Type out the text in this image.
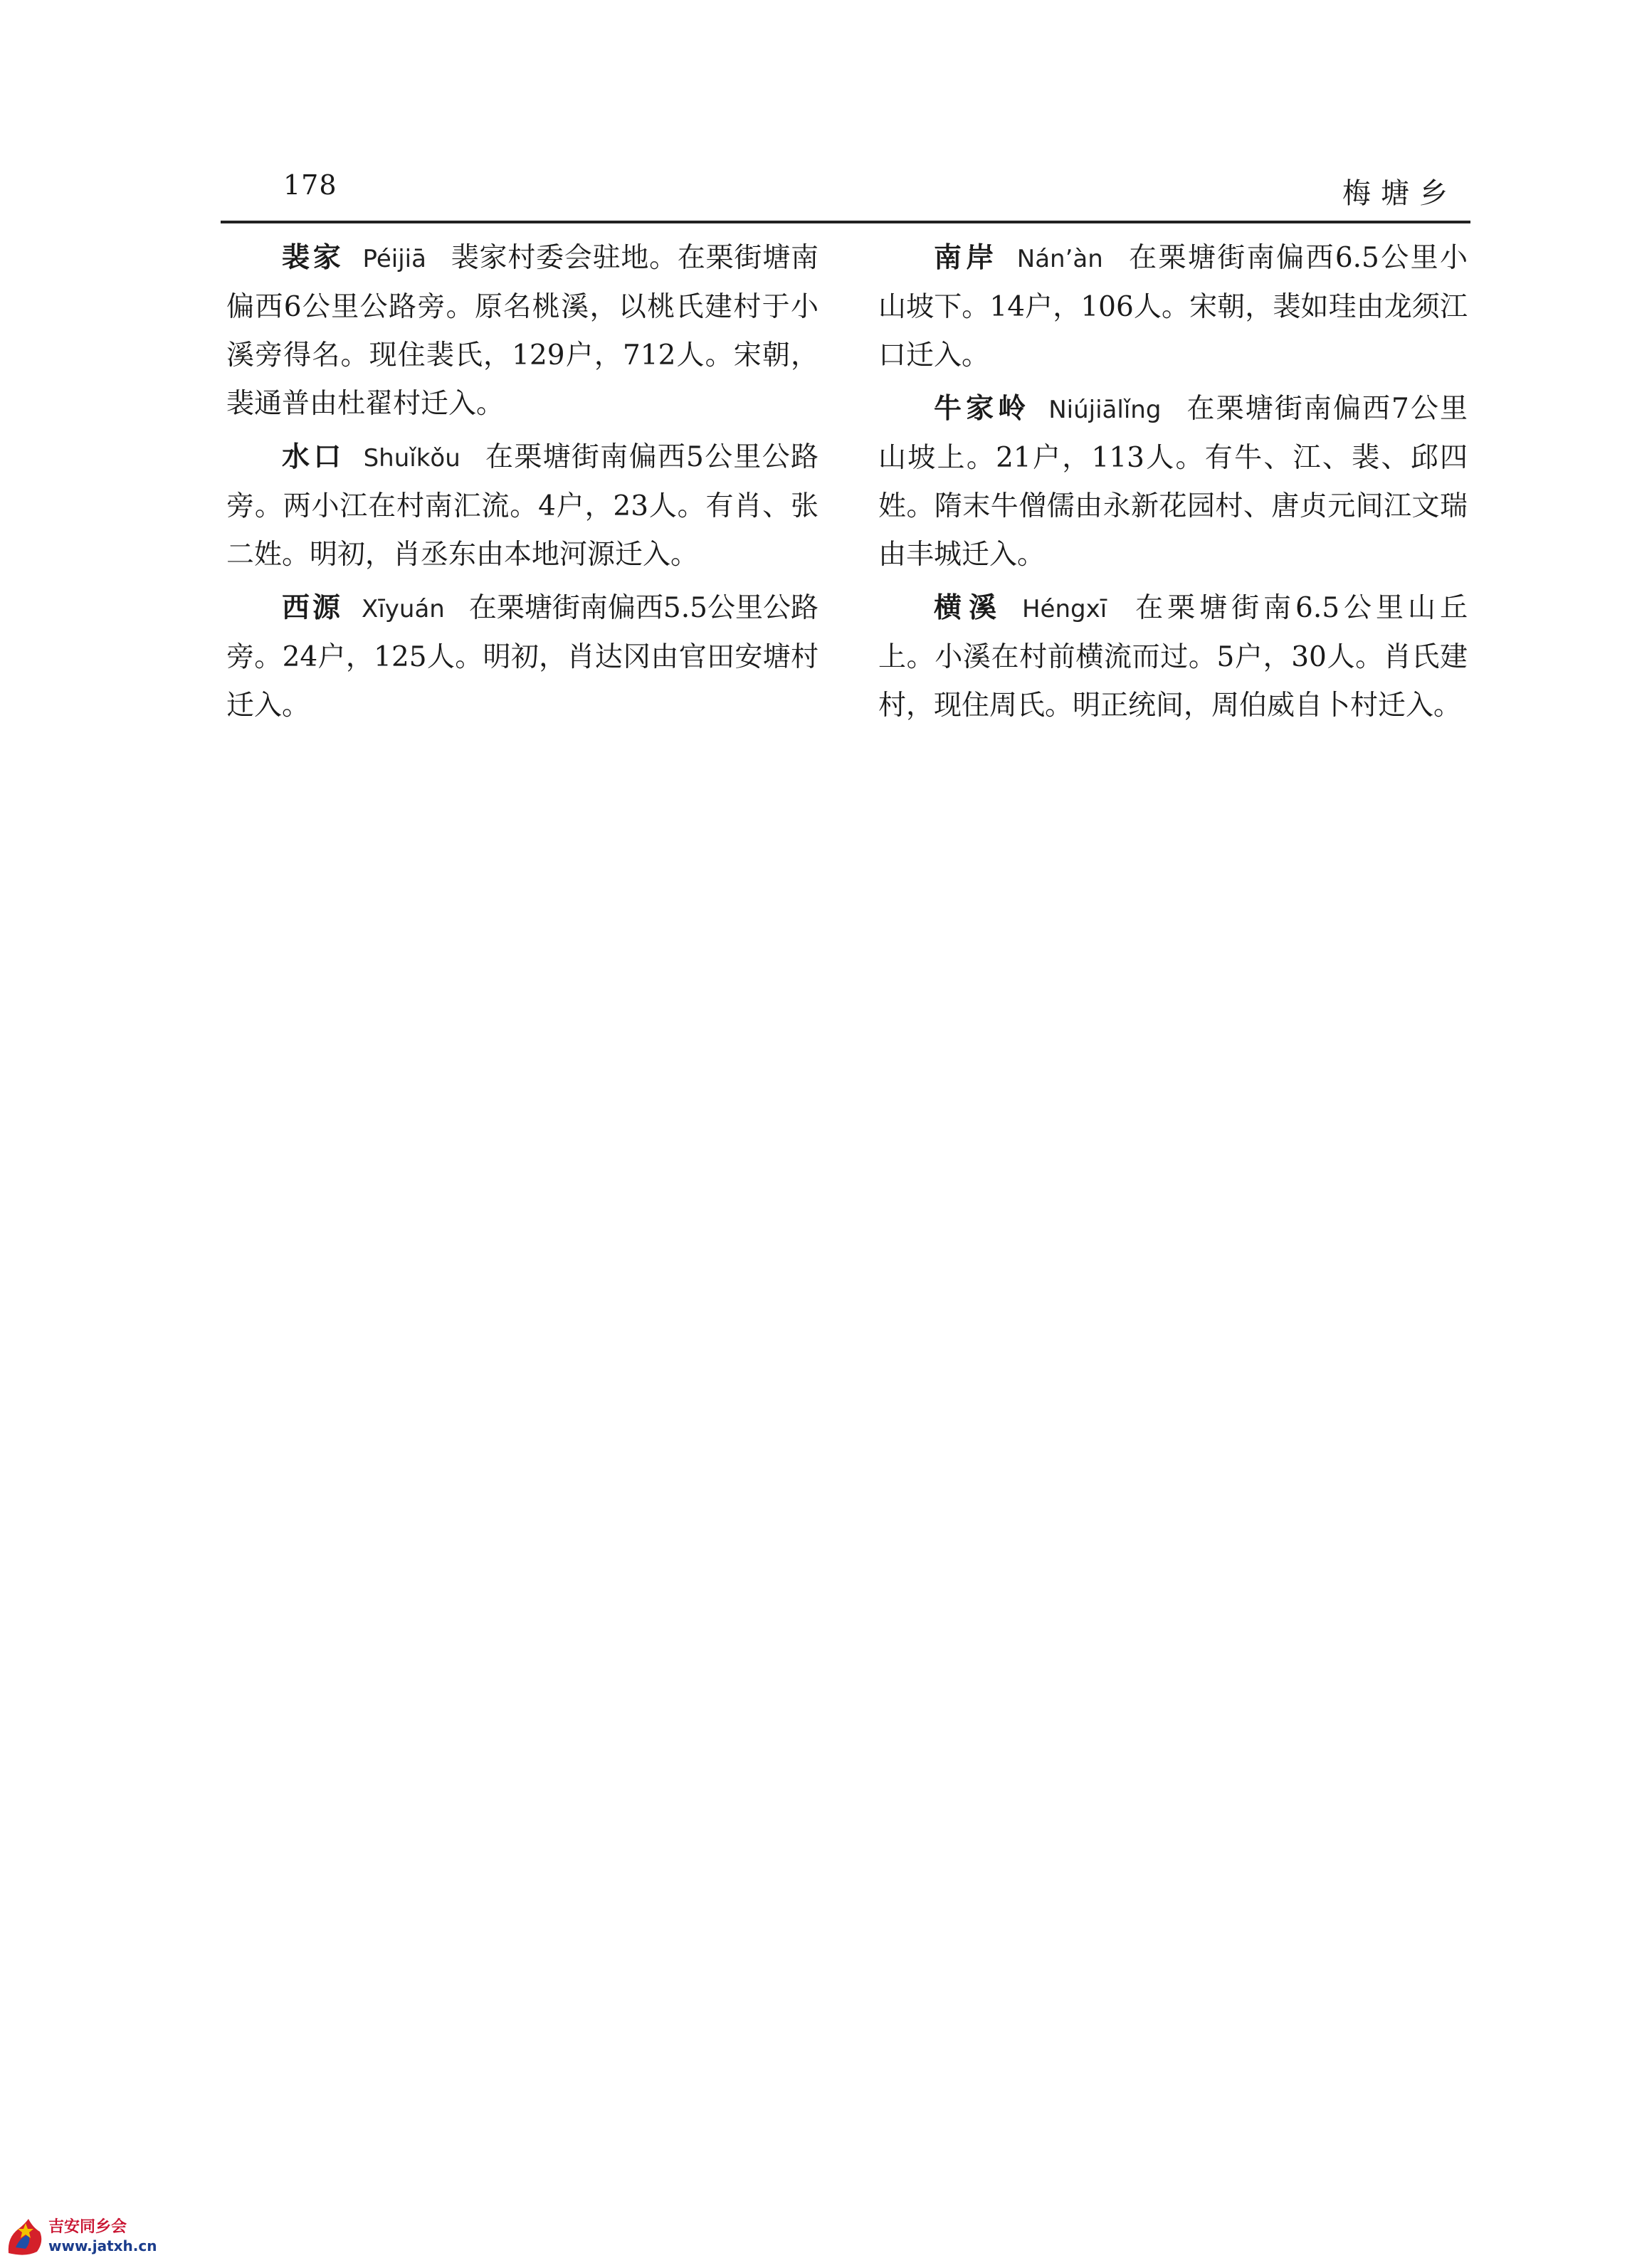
178	梅塘乡

裴家 Péijiā 裴家村委会驻地。在栗街塘南偏西6公里公路旁。原名桃溪，以桃氏建村于小溪旁得名。现住裴氏，129户，712人。宋朝，裴通普由杜翟村迁入。

水口 Shuǐkǒu 在栗塘街南偏西5公里公路旁。两小江在村南汇流。4户，23人。有肖、张二姓。明初，肖丞东由本地河源迁入。

西源 Xīyuán 在栗塘街南偏西5.5公里公路旁。24户，125人。明初，肖达冈由官田安塘村迁入。

南岸 Nán’àn 在栗塘街南偏西6.5公里小山坡下。14户，106人。宋朝，裴如珪由龙须江口迁入。

牛家岭 Niújiālǐng 在栗塘街南偏西7公里山坡上。21户，113人。有牛、江、裴、邱四姓。隋末牛僧儒由永新花园村、唐贞元间江文瑞由丰城迁入。

横溪 Héngxī 在栗塘街南6.5公里山丘上。小溪在村前横流而过。5户，30人。肖氏建村，现住周氏。明正统间，周伯威自卜村迁入。

吉安同乡会
www.jatxh.cn
